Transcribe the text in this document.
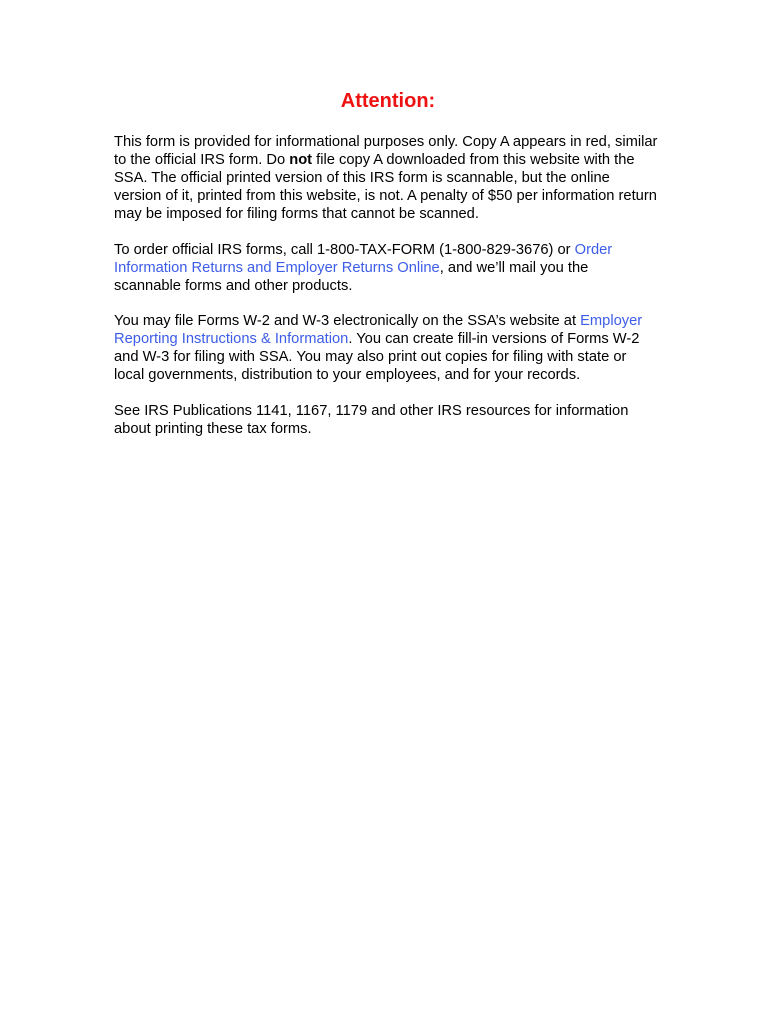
Attention:

This form is provided for informational purposes only. Copy A appears in red, similar to the official IRS form. Do not file copy A downloaded from this website with the SSA. The official printed version of this IRS form is scannable, but the online version of it, printed from this website, is not. A penalty of $50 per information return may be imposed for filing forms that cannot be scanned.

To order official IRS forms, call 1-800-TAX-FORM (1-800-829-3676) or Order Information Returns and Employer Returns Online, and we’ll mail you the scannable forms and other products.

You may file Forms W-2 and W-3 electronically on the SSA’s website at Employer Reporting Instructions & Information. You can create fill-in versions of Forms W-2 and W-3 for filing with SSA. You may also print out copies for filing with state or local governments, distribution to your employees, and for your records.

See IRS Publications 1141, 1167, 1179 and other IRS resources for information about printing these tax forms.
